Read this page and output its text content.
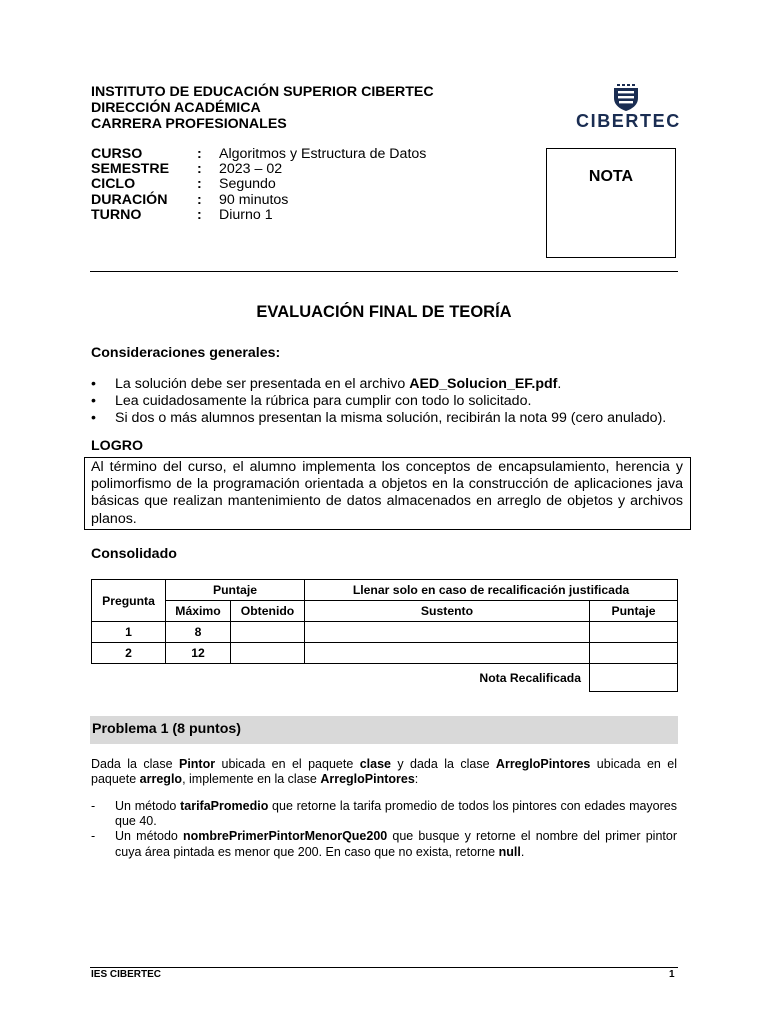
INSTITUTO DE EDUCACIÓN SUPERIOR CIBERTEC
DIRECCIÓN ACADÉMICA
CARRERA PROFESIONALES	CIBERTEC
CURSO	: Algoritmos y Estructura de Datos
SEMESTRE : 2023 – 02
CICLO	: Segundo
DURACIÓN : 90 minutos
TURNO	: Diurno 1
NOTA
EVALUACIÓN FINAL DE TEORÍA
Consideraciones generales:
• La solución debe ser presentada en el archivo AED_Solucion_EF.pdf.
• Lea cuidadosamente la rúbrica para cumplir con todo lo solicitado.
• Si dos o más alumnos presentan la misma solución, recibirán la nota 99 (cero anulado).
LOGRO
Al término del curso, el alumno implementa los conceptos de encapsulamiento, herencia y polimorfismo de la programación orientada a objetos en la construcción de aplicaciones java básicas que realizan mantenimiento de datos almacenados en arreglo de objetos y archivos planos.
Consolidado
Pregunta	Puntaje		Llenar solo en caso de recalificación justificada	
	Máximo	Obtenido	Sustento	Puntaje
1	8			
2	12			
			Nota Recalificada	
Problema 1 (8 puntos)
Dada la clase Pintor ubicada en el paquete clase y dada la clase ArregloPintores ubicada en el paquete arreglo, implemente en la clase ArregloPintores:
- Un método tarifaPromedio que retorne la tarifa promedio de todos los pintores con edades mayores que 40.
- Un método nombrePrimerPintorMenorQue200 que busque y retorne el nombre del primer pintor cuya área pintada es menor que 200. En caso que no exista, retorne null.
IES CIBERTEC	1
